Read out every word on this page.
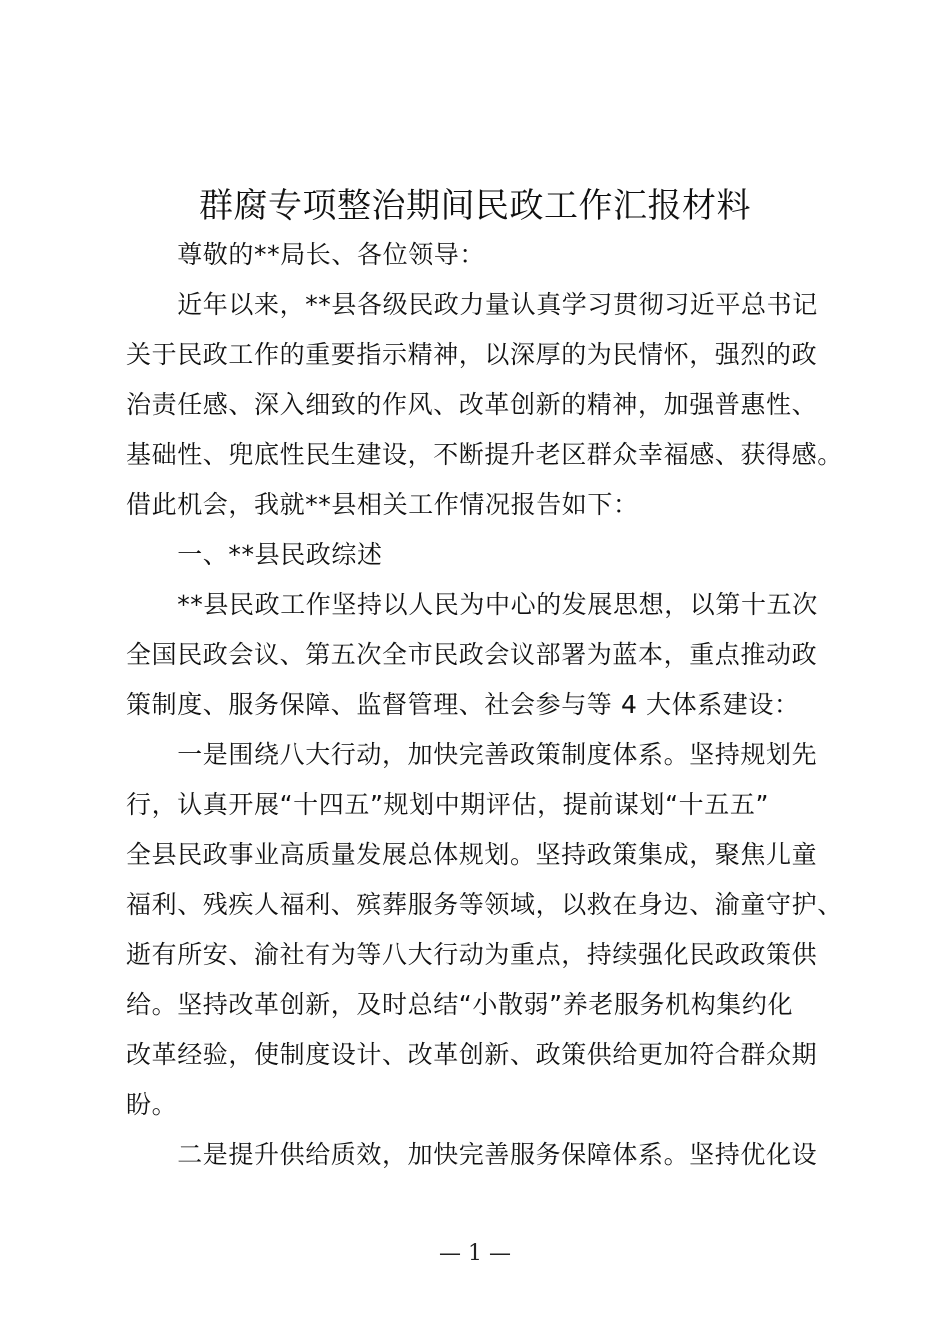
群腐专项整治期间民政工作汇报材料
　　尊敬的**局长、各位领导：
　　近年以来，**县各级民政力量认真学习贯彻习近平总书记
关于民政工作的重要指示精神，以深厚的为民情怀，强烈的政
治责任感、深入细致的作风、改革创新的精神，加强普惠性、
基础性、兜底性民生建设，不断提升老区群众幸福感、获得感。
借此机会，我就**县相关工作情况报告如下：
　　一、**县民政综述
　　**县民政工作坚持以人民为中心的发展思想，以第十五次
全国民政会议、第五次全市民政会议部署为蓝本，重点推动政
策制度、服务保障、监督管理、社会参与等 4 大体系建设：
　　一是围绕八大行动，加快完善政策制度体系。坚持规划先
行，认真开展“十四五”规划中期评估，提前谋划“十五五”
全县民政事业高质量发展总体规划。坚持政策集成，聚焦儿童
福利、残疾人福利、殡葬服务等领域，以救在身边、渝童守护、
逝有所安、渝社有为等八大行动为重点，持续强化民政政策供
给。坚持改革创新，及时总结“小散弱”养老服务机构集约化
改革经验，使制度设计、改革创新、政策供给更加符合群众期
盼。
　　二是提升供给质效，加快完善服务保障体系。坚持优化设
— 1 —
